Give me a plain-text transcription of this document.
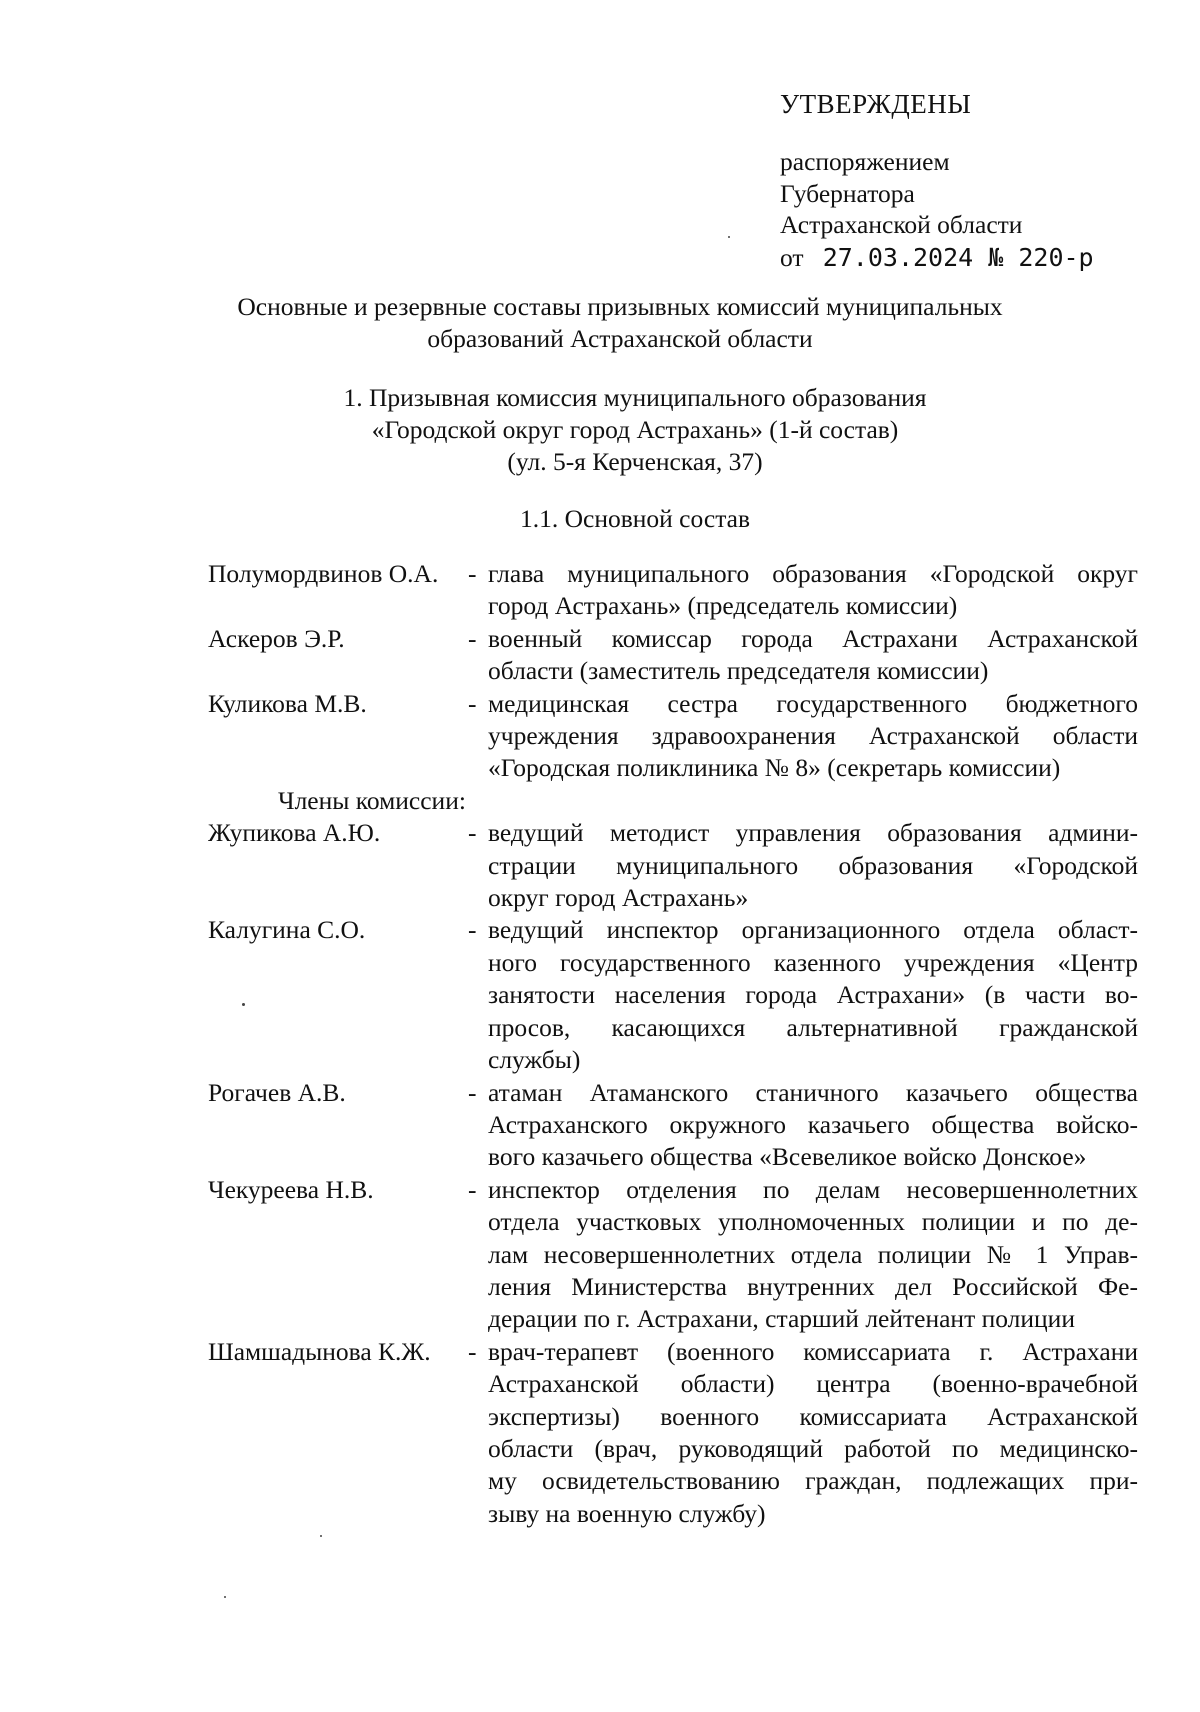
УТВЕРЖДЕНЫ
распоряжением
Губернатора
Астраханской области
от 27.03.2024 № 220-р
Основные и резервные составы призывных комиссий муниципальных
образований Астраханской области
1. Призывная комиссия муниципального образования
«Городской округ город Астрахань» (1-й состав)
(ул. 5-я Керченская, 37)
1.1. Основной состав
Полумордвинов О.А.	- глава муниципального образования «Городской округ
город Астрахань» (председатель комиссии)
Аскеров Э.Р.	- военный комиссар города Астрахани Астраханской
области (заместитель председателя комиссии)
Куликова М.В.	- медицинская сестра государственного бюджетного
учреждения здравоохранения Астраханской области
«Городская поликлиника № 8» (секретарь комиссии)
Члены комиссии:
Жупикова А.Ю.	- ведущий методист управления образования админи-
страции муниципального образования «Городской
округ город Астрахань»
Калугина С.О.	- ведущий инспектор организационного отдела област-
ного государственного казенного учреждения «Центр
занятости населения города Астрахани» (в части во-
просов, касающихся альтернативной гражданской
службы)
Рогачев А.В.	- атаман Атаманского станичного казачьего общества
Астраханского окружного казачьего общества войско-
вого казачьего общества «Всевеликое войско Донское»
Чекуреева Н.В.	- инспектор отделения по делам несовершеннолетних
отдела участковых уполномоченных полиции и по де-
лам несовершеннолетних отдела полиции № 1 Управ-
ления Министерства внутренних дел Российской Фе-
дерации по г. Астрахани, старший лейтенант полиции
Шамшадынова К.Ж.	- врач-терапевт (военного комиссариата г. Астрахани
Астраханской области) центра (военно-врачебной
экспертизы) военного комиссариата Астраханской
области (врач, руководящий работой по медицинско-
му освидетельствованию граждан, подлежащих при-
зыву на военную службу)
